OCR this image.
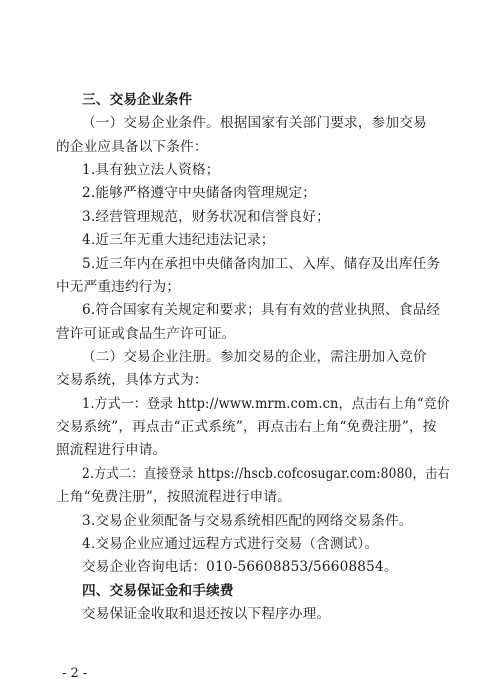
三、交易企业条件
（一）交易企业条件。根据国家有关部门要求，参加交易
的企业应具备以下条件：
1.具有独立法人资格；
2.能够严格遵守中央储备肉管理规定；
3.经营管理规范，财务状况和信誉良好；
4.近三年无重大违纪违法记录；
5.近三年内在承担中央储备肉加工、入库、储存及出库任务
中无严重违约行为；
6.符合国家有关规定和要求；具有有效的营业执照、食品经
营许可证或食品生产许可证。
（二）交易企业注册。参加交易的企业，需注册加入竞价
交易系统，具体方式为：
1.方式一：登录 http://www.mrm.com.cn，点击右上角“竞价
交易系统”，再点击“正式系统”，再点击右上角“免费注册”，按
照流程进行申请。
2.方式二：直接登录 https://hscb.cofcosugar.com:8080，击右
上角“免费注册”，按照流程进行申请。
3.交易企业须配备与交易系统相匹配的网络交易条件。
4.交易企业应通过远程方式进行交易（含测试）。
交易企业咨询电话：010-56608853/56608854。
四、交易保证金和手续费
交易保证金收取和退还按以下程序办理。
- 2 -
